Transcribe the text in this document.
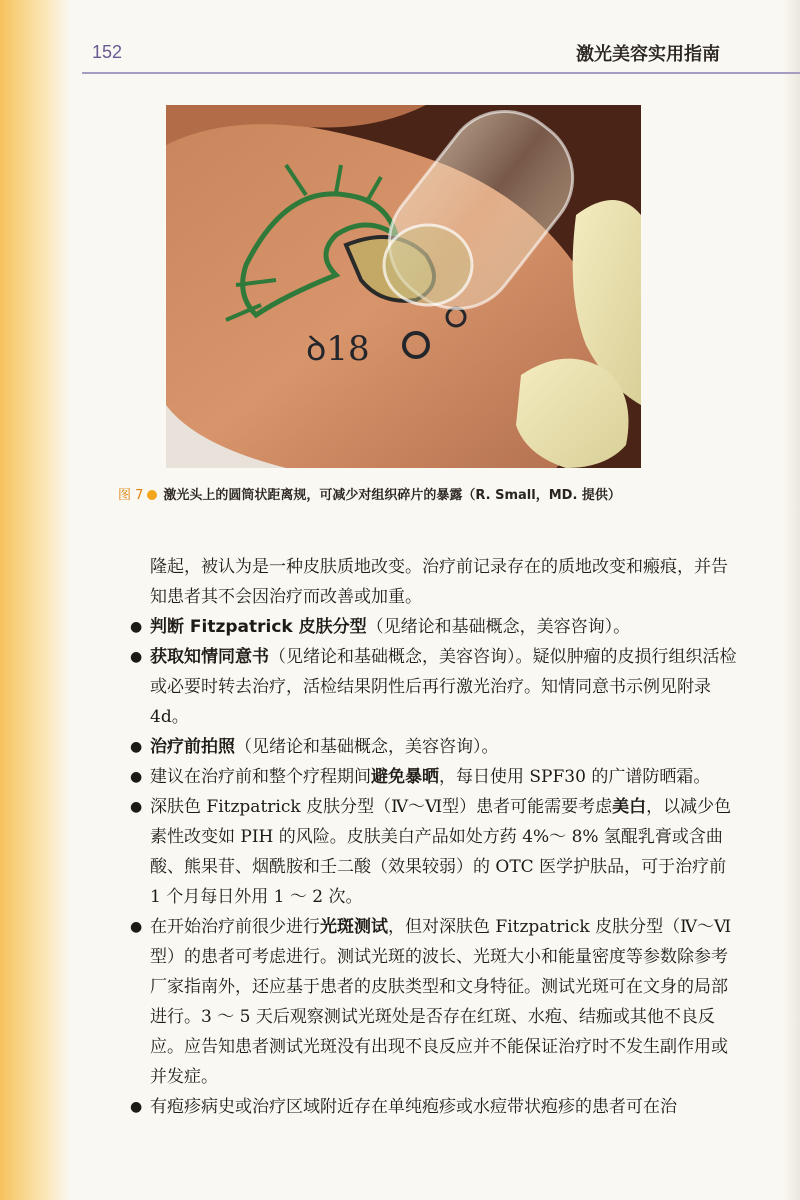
152	激光美容实用指南
ꝺ18
图 7 激光头上的圆筒状距离规，可减少对组织碎片的暴露（R. Small，MD. 提供）

隆起，被认为是一种皮肤质地改变。治疗前记录存在的质地改变和瘢痕，并告知患者其不会因治疗而改善或加重。

● 判断 Fitzpatrick 皮肤分型（见绪论和基础概念，美容咨询）。

● 获取知情同意书（见绪论和基础概念，美容咨询）。疑似肿瘤的皮损行组织活检或必要时转去治疗，活检结果阴性后再行激光治疗。知情同意书示例见附录 4d。

● 治疗前拍照（见绪论和基础概念，美容咨询）。

● 建议在治疗前和整个疗程期间避免暴晒，每日使用 SPF30 的广谱防晒霜。

● 深肤色 Fitzpatrick 皮肤分型（Ⅳ～Ⅵ型）患者可能需要考虑美白，以减少色素性改变如 PIH 的风险。皮肤美白产品如处方药 4%～ 8% 氢醌乳膏或含曲酸、熊果苷、烟酰胺和壬二酸（效果较弱）的 OTC 医学护肤品，可于治疗前 1 个月每日外用 1 ～ 2 次。

● 在开始治疗前很少进行光斑测试，但对深肤色 Fitzpatrick 皮肤分型（Ⅳ～Ⅵ型）的患者可考虑进行。测试光斑的波长、光斑大小和能量密度等参数除参考厂家指南外，还应基于患者的皮肤类型和文身特征。测试光斑可在文身的局部进行。3 ～ 5 天后观察测试光斑处是否存在红斑、水疱、结痂或其他不良反应。应告知患者测试光斑没有出现不良反应并不能保证治疗时不发生副作用或并发症。

● 有疱疹病史或治疗区域附近存在单纯疱疹或水痘带状疱疹的患者可在治
